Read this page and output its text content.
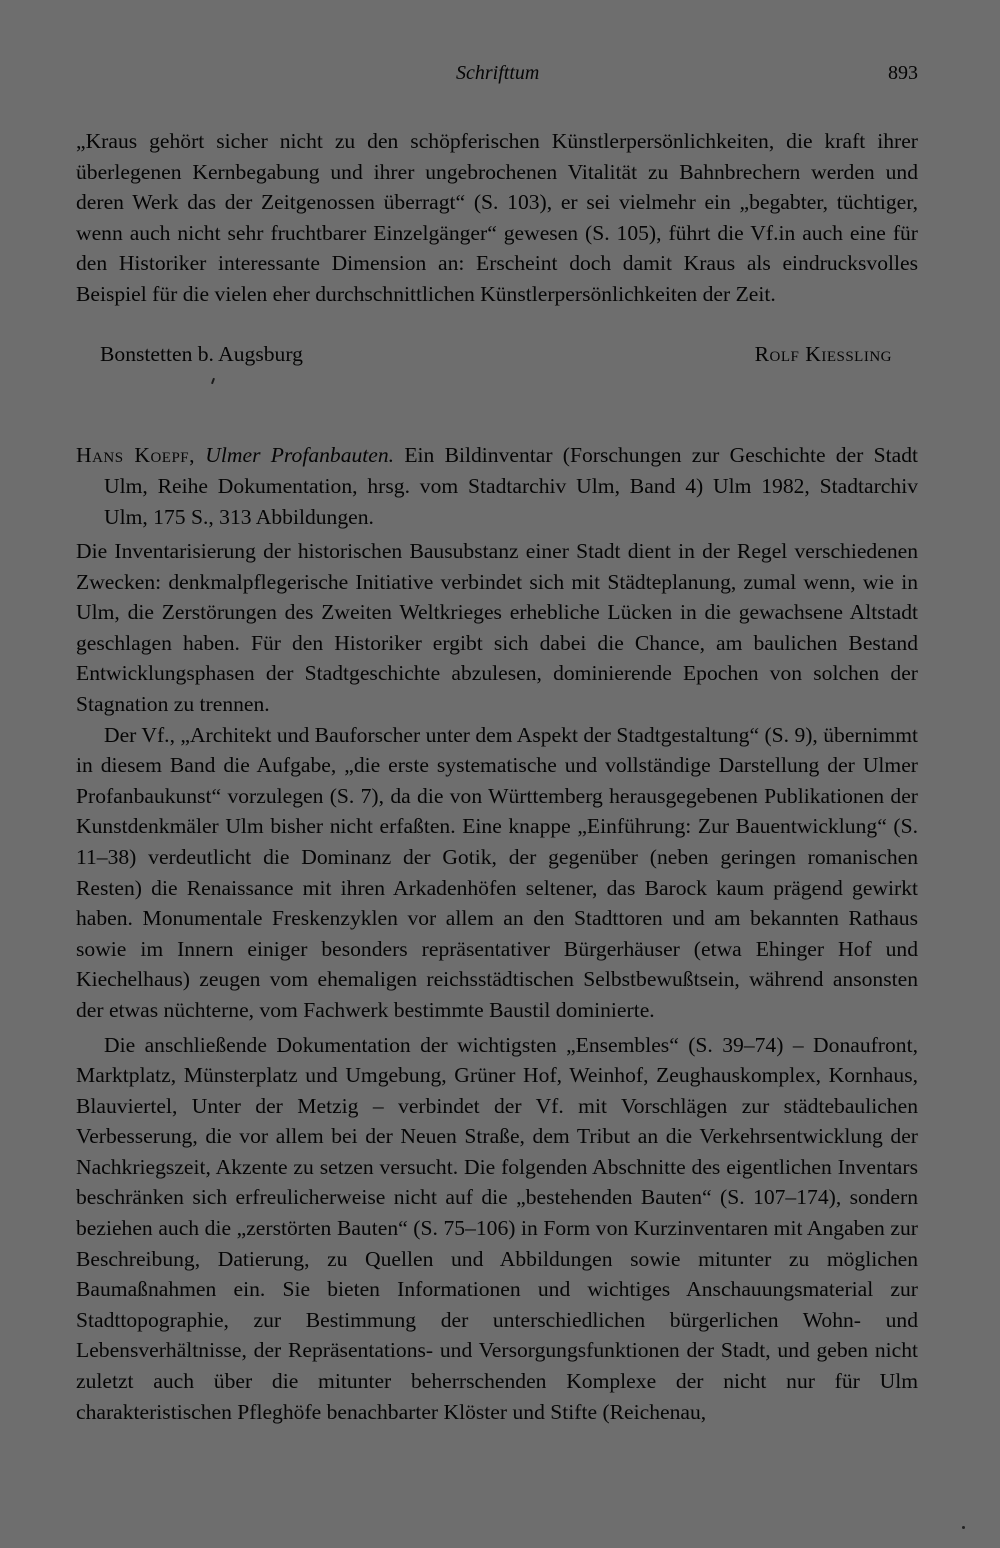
Schrifttum	893
„Kraus gehört sicher nicht zu den schöpferischen Künstlerpersönlichkeiten, die kraft ihrer überlegenen Kernbegabung und ihrer ungebrochenen Vitalität zu Bahnbrechern werden und deren Werk das der Zeitgenossen überragt“ (S. 103), er sei vielmehr ein „begabter, tüchtiger, wenn auch nicht sehr fruchtbarer Einzelgänger“ gewesen (S. 105), führt die Vf.in auch eine für den Historiker interessante Dimension an: Erscheint doch damit Kraus als eindrucksvolles Beispiel für die vielen eher durchschnittlichen Künstlerpersönlichkeiten der Zeit.
Bonstetten b. Augsburg	Rolf Kiessling
Hans Koepf, Ulmer Profanbauten. Ein Bildinventar (Forschungen zur Geschichte der Stadt Ulm, Reihe Dokumentation, hrsg. vom Stadtarchiv Ulm, Band 4) Ulm 1982, Stadtarchiv Ulm, 175 S., 313 Abbildungen.

Die Inventarisierung der historischen Bausubstanz einer Stadt dient in der Regel verschiedenen Zwecken: denkmalpflegerische Initiative verbindet sich mit Städteplanung, zumal wenn, wie in Ulm, die Zerstörungen des Zweiten Weltkrieges erhebliche Lücken in die gewachsene Altstadt geschlagen haben. Für den Historiker ergibt sich dabei die Chance, am baulichen Bestand Entwicklungsphasen der Stadtgeschichte abzulesen, dominierende Epochen von solchen der Stagnation zu trennen.

Der Vf., „Architekt und Bauforscher unter dem Aspekt der Stadtgestaltung“ (S. 9), übernimmt in diesem Band die Aufgabe, „die erste systematische und vollständige Darstellung der Ulmer Profanbaukunst“ vorzulegen (S. 7), da die von Württemberg herausgegebenen Publikationen der Kunstdenkmäler Ulm bisher nicht erfaßten. Eine knappe „Einführung: Zur Bauentwicklung“ (S. 11–38) verdeutlicht die Dominanz der Gotik, der gegenüber (neben geringen romanischen Resten) die Renaissance mit ihren Arkadenhöfen seltener, das Barock kaum prägend gewirkt haben. Monumentale Freskenzyklen vor allem an den Stadttoren und am bekannten Rathaus sowie im Innern einiger besonders repräsentativer Bürgerhäuser (etwa Ehinger Hof und Kiechelhaus) zeugen vom ehemaligen reichsstädtischen Selbstbewußtsein, während ansonsten der etwas nüchterne, vom Fachwerk bestimmte Baustil dominierte.

Die anschließende Dokumentation der wichtigsten „Ensembles“ (S. 39–74) – Donaufront, Marktplatz, Münsterplatz und Umgebung, Grüner Hof, Weinhof, Zeughauskomplex, Kornhaus, Blauviertel, Unter der Metzig – verbindet der Vf. mit Vorschlägen zur städtebaulichen Verbesserung, die vor allem bei der Neuen Straße, dem Tribut an die Verkehrsentwicklung der Nachkriegszeit, Akzente zu setzen versucht. Die folgenden Abschnitte des eigentlichen Inventars beschränken sich erfreulicherweise nicht auf die „bestehenden Bauten“ (S. 107–174), sondern beziehen auch die „zerstörten Bauten“ (S. 75–106) in Form von Kurzinventaren mit Angaben zur Beschreibung, Datierung, zu Quellen und Abbildungen sowie mitunter zu möglichen Baumaßnahmen ein. Sie bieten Informationen und wichtiges Anschauungsmaterial zur Stadttopographie, zur Bestimmung der unterschiedlichen bürgerlichen Wohn- und Lebensverhältnisse, der Repräsentations- und Versorgungsfunktionen der Stadt, und geben nicht zuletzt auch über die mitunter beherrschenden Komplexe der nicht nur für Ulm charakteristischen Pfleghöfe benachbarter Klöster und Stifte (Reichenau,
